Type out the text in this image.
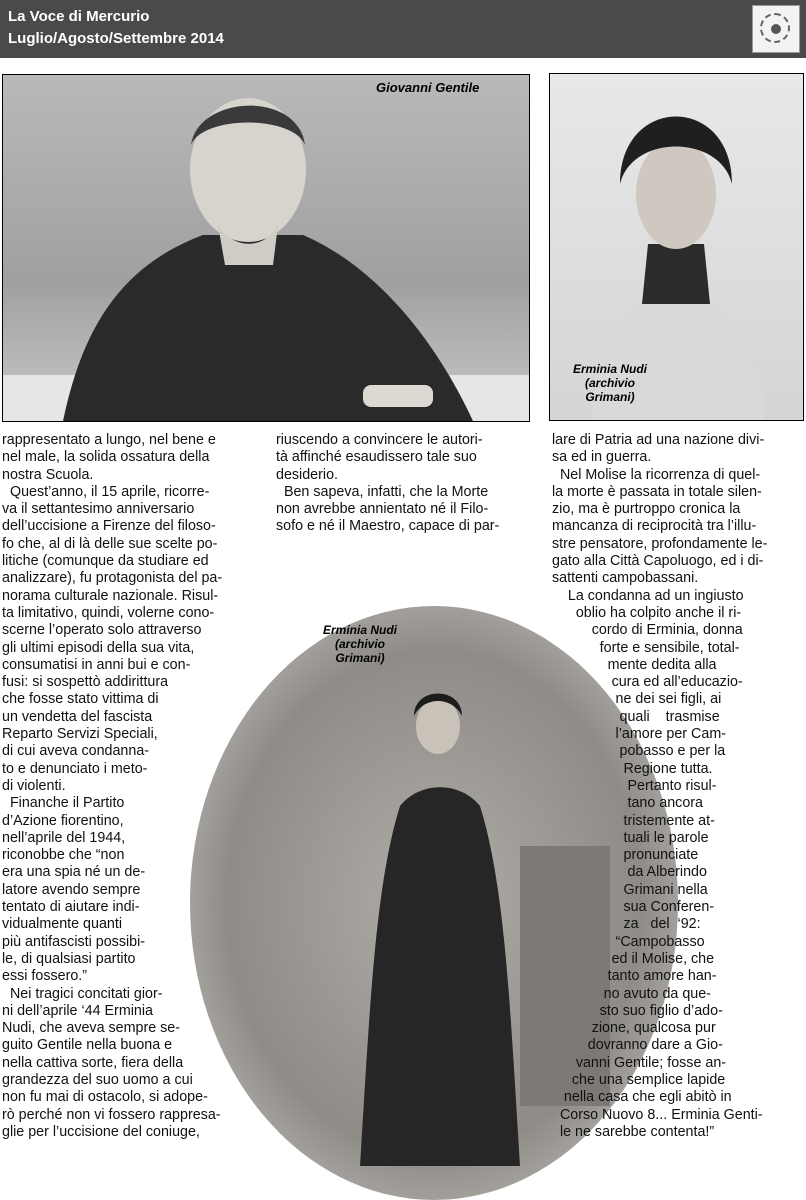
La Voce di Mercurio
Luglio/Agosto/Settembre 2014
Giovanni Gentile
Erminia Nudi
(archivio
Grimani)
Erminia Nudi
(archivio
Grimani)
rappresentato a lungo, nel bene e
nel male, la solida ossatura della
nostra Scuola.
Quest’anno, il 15 aprile, ricorre-
va il settantesimo anniversario
dell’uccisione a Firenze del filoso-
fo che, al di là delle sue scelte po-
litiche (comunque da studiare ed
analizzare), fu protagonista del pa-
norama culturale nazionale. Risul-
ta limitativo, quindi, volerne cono-
scerne l’operato solo attraverso
gli ultimi episodi della sua vita,
consumatisi in anni bui e con-
fusi: si sospettò addirittura
che fosse stato vittima di
un vendetta del fascista
Reparto Servizi Speciali,
di cui aveva condanna-
to e denunciato i meto-
di violenti.
Finanche il Partito
d’Azione fiorentino,
nell’aprile del 1944,
riconobbe che “non
era una spia né un de-
latore avendo sempre
tentato di aiutare indi-
vidualmente quanti
più antifascisti possibi-
le, di qualsiasi partito
essi fossero.”
Nei tragici concitati gior-
ni dell’aprile ‘44 Erminia
Nudi, che aveva sempre se-
guito Gentile nella buona e
nella cattiva sorte, fiera della
grandezza del suo uomo a cui
non fu mai di ostacolo, si adope-
rò perché non vi fossero rappresa-
glie per l’uccisione del coniuge,
riuscendo a convincere le autori-
tà affinché esaudissero tale suo
desiderio.
Ben sapeva, infatti, che la Morte
non avrebbe annientato né il Filo-
sofo e né il Maestro, capace di par-
lare di Patria ad una nazione divi-
sa ed in guerra.
Nel Molise la ricorrenza di quel-
la morte è passata in totale silen-
zio, ma è purtroppo cronica la
mancanza di reciprocità tra l’illu-
stre pensatore, profondamente le-
gato alla Città Capoluogo, ed i di-
sattenti campobassani.
La condanna ad un ingiusto
oblio ha colpito anche il ri-
cordo di Erminia, donna
forte e sensibile, total-
mente dedita alla
cura ed all’educazio-
ne dei sei figli, ai
quali    trasmise
l’amore per Cam-
pobasso e per la
Regione tutta.
Pertanto risul-
tano ancora
tristemente at-
tuali le parole
pronunciate
da Alberindo
Grimani nella
sua Conferen-
za   del  ‘92:
“Campobasso
ed il Molise, che
tanto amore han-
no avuto da que-
sto suo figlio d’ado-
zione, qualcosa pur
dovranno dare a Gio-
vanni Gentile; fosse an-
che una semplice lapide
nella casa che egli abitò in
Corso Nuovo 8... Erminia Genti-
le ne sarebbe contenta!”
